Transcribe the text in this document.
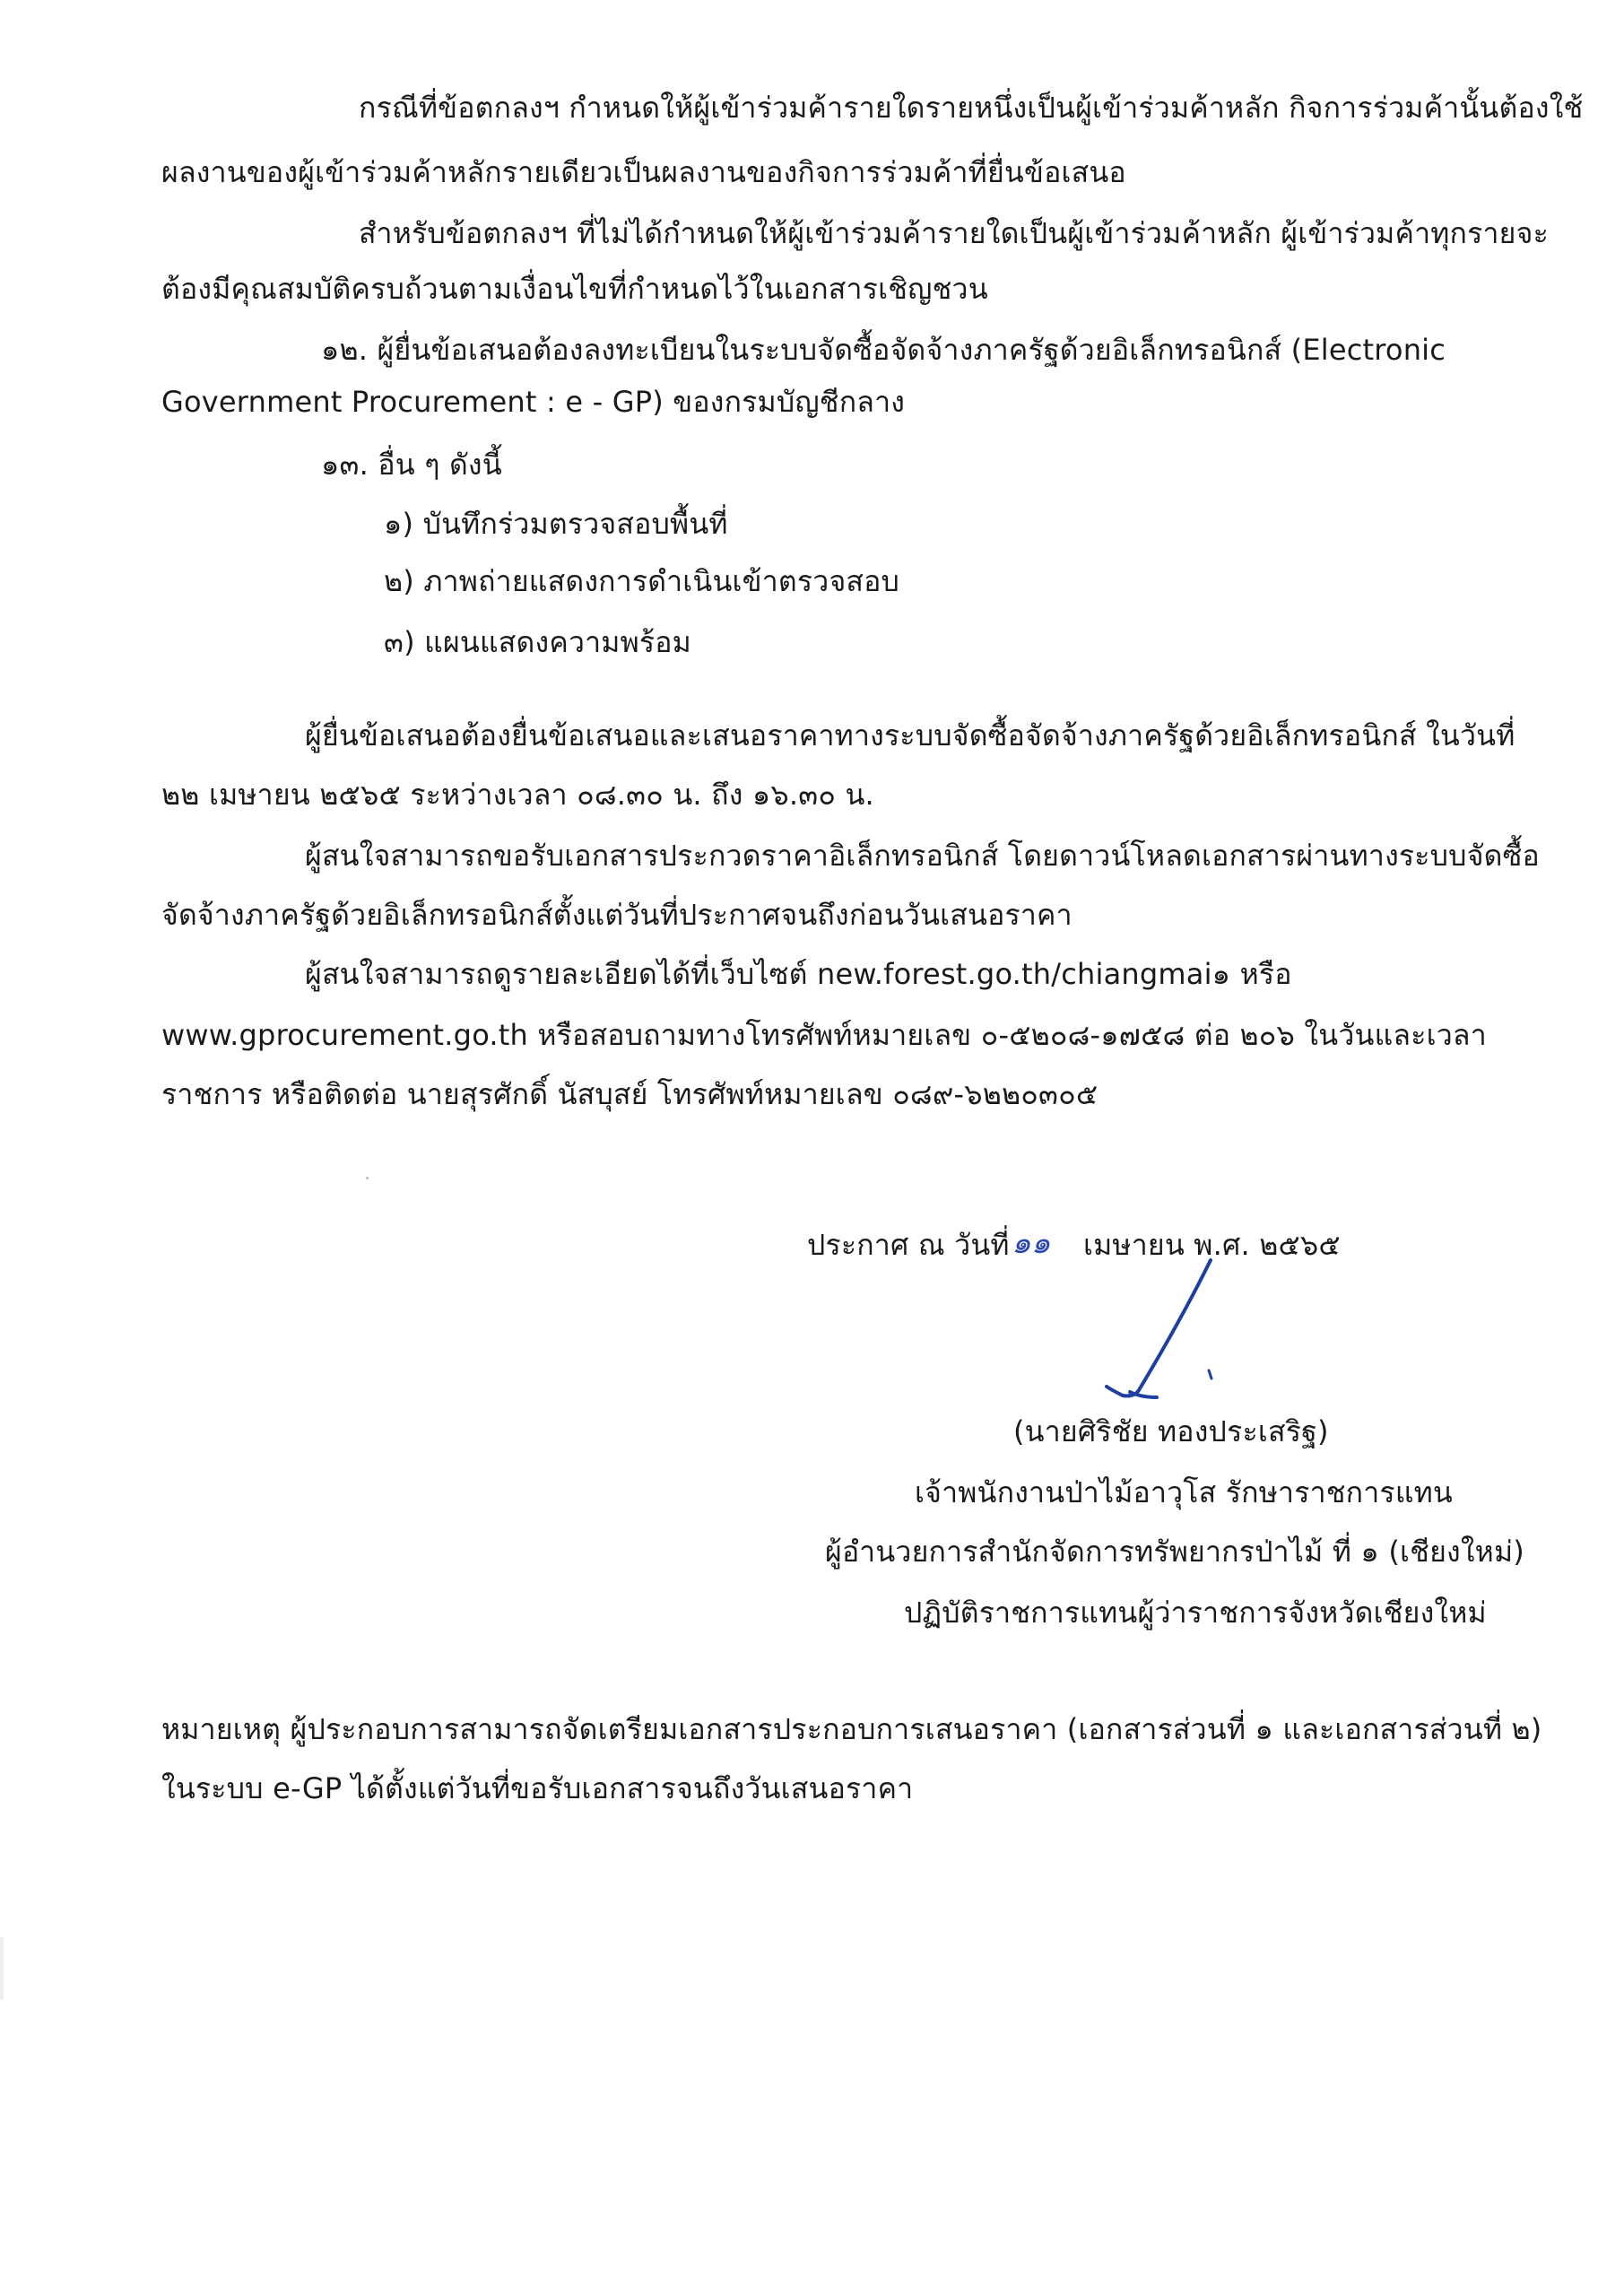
กรณีที่ข้อตกลงฯ กำหนดให้ผู้เข้าร่วมค้ารายใดรายหนึ่งเป็นผู้เข้าร่วมค้าหลัก กิจการร่วมค้านั้นต้องใช้
ผลงานของผู้เข้าร่วมค้าหลักรายเดียวเป็นผลงานของกิจการร่วมค้าที่ยื่นข้อเสนอ
สำหรับข้อตกลงฯ ที่ไม่ได้กำหนดให้ผู้เข้าร่วมค้ารายใดเป็นผู้เข้าร่วมค้าหลัก ผู้เข้าร่วมค้าทุกรายจะ
ต้องมีคุณสมบัติครบถ้วนตามเงื่อนไขที่กำหนดไว้ในเอกสารเชิญชวน
๑๒. ผู้ยื่นข้อเสนอต้องลงทะเบียนในระบบจัดซื้อจัดจ้างภาครัฐด้วยอิเล็กทรอนิกส์ (Electronic
Government Procurement : e - GP) ของกรมบัญชีกลาง
๑๓. อื่น ๆ ดังนี้
๑) บันทึกร่วมตรวจสอบพื้นที่
๒) ภาพถ่ายแสดงการดำเนินเข้าตรวจสอบ
๓) แผนแสดงความพร้อม
ผู้ยื่นข้อเสนอต้องยื่นข้อเสนอและเสนอราคาทางระบบจัดซื้อจัดจ้างภาครัฐด้วยอิเล็กทรอนิกส์ ในวันที่
๒๒ เมษายน ๒๕๖๕ ระหว่างเวลา ๐๘.๓๐ น. ถึง ๑๖.๓๐ น.
ผู้สนใจสามารถขอรับเอกสารประกวดราคาอิเล็กทรอนิกส์ โดยดาวน์โหลดเอกสารผ่านทางระบบจัดซื้อ
จัดจ้างภาครัฐด้วยอิเล็กทรอนิกส์ตั้งแต่วันที่ประกาศจนถึงก่อนวันเสนอราคา
ผู้สนใจสามารถดูรายละเอียดได้ที่เว็บไซต์ new.forest.go.th/chiangmai๑ หรือ
www.gprocurement.go.th หรือสอบถามทางโทรศัพท์หมายเลข ๐-๕๒๐๘-๑๗๕๘ ต่อ ๒๐๖ ในวันและเวลา
ราชการ หรือติดต่อ นายสุรศักดิ์ นัสบุสย์ โทรศัพท์หมายเลข ๐๘๙-๖๒๒๐๓๐๕
ประกาศ ณ วันที่ ๑๑ เมษายน พ.ศ. ๒๕๖๕
(นายศิริชัย ทองประเสริฐ)
เจ้าพนักงานป่าไม้อาวุโส รักษาราชการแทน
ผู้อำนวยการสำนักจัดการทรัพยากรป่าไม้ ที่ ๑ (เชียงใหม่)
ปฏิบัติราชการแทนผู้ว่าราชการจังหวัดเชียงใหม่
หมายเหตุ ผู้ประกอบการสามารถจัดเตรียมเอกสารประกอบการเสนอราคา (เอกสารส่วนที่ ๑ และเอกสารส่วนที่ ๒)
ในระบบ e-GP ได้ตั้งแต่วันที่ขอรับเอกสารจนถึงวันเสนอราคา
